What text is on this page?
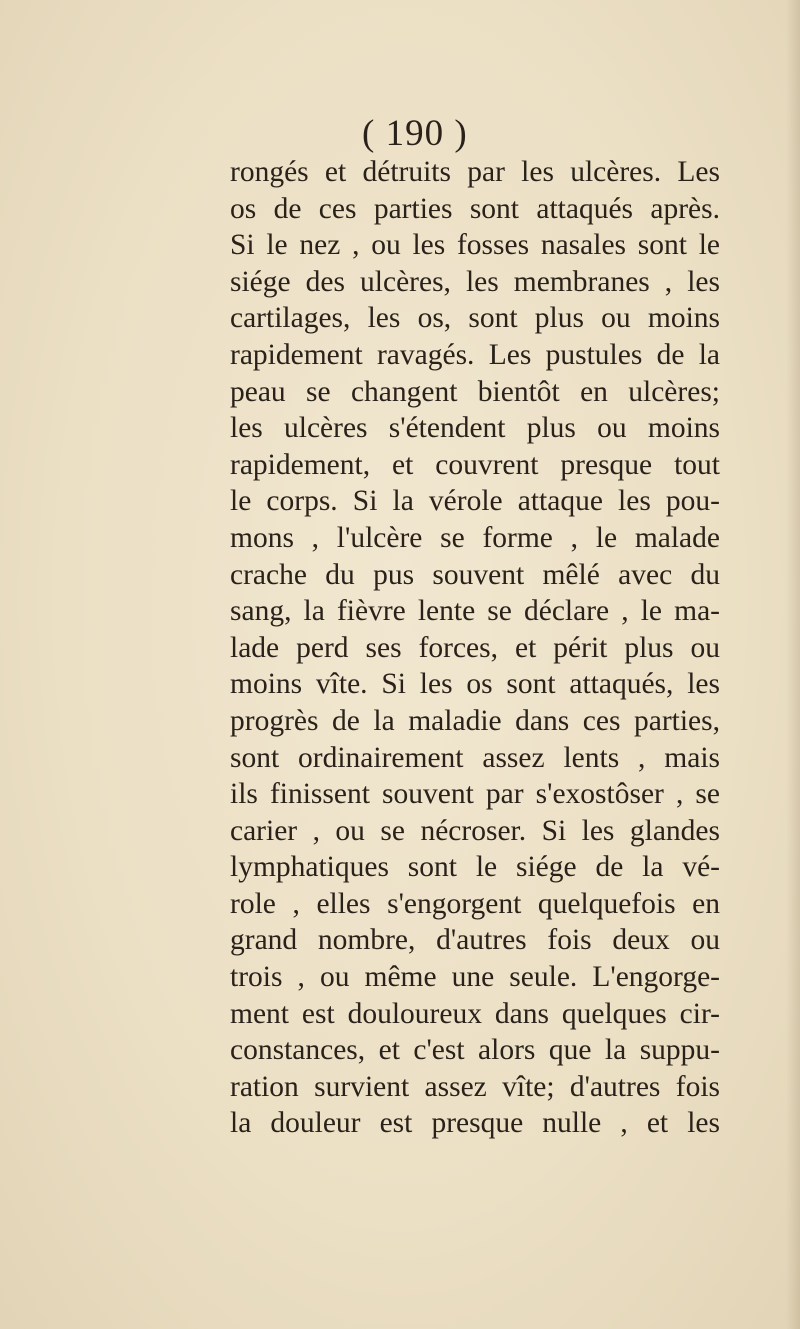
( 190 )
rongés et détruits par les ulcères. Les
os de ces parties sont attaqués après.
Si le nez , ou les fosses nasales sont le
siége des ulcères, les membranes , les
cartilages, les os, sont plus ou moins
rapidement ravagés. Les pustules de la
peau se changent bientôt en ulcères;
les ulcères s'étendent plus ou moins
rapidement, et couvrent presque tout
le corps. Si la vérole attaque les pou-
mons , l'ulcère se forme , le malade
crache du pus souvent mêlé avec du
sang, la fièvre lente se déclare , le ma-
lade perd ses forces, et périt plus ou
moins vîte. Si les os sont attaqués, les
progrès de la maladie dans ces parties,
sont ordinairement assez lents , mais
ils finissent souvent par s'exostôser , se
carier , ou se nécroser. Si les glandes
lymphatiques sont le siége de la vé-
role , elles s'engorgent quelquefois en
grand nombre, d'autres fois deux ou
trois , ou même une seule. L'engorge-
ment est douloureux dans quelques cir-
constances, et c'est alors que la suppu-
ration survient assez vîte; d'autres fois
la douleur est presque nulle , et les
